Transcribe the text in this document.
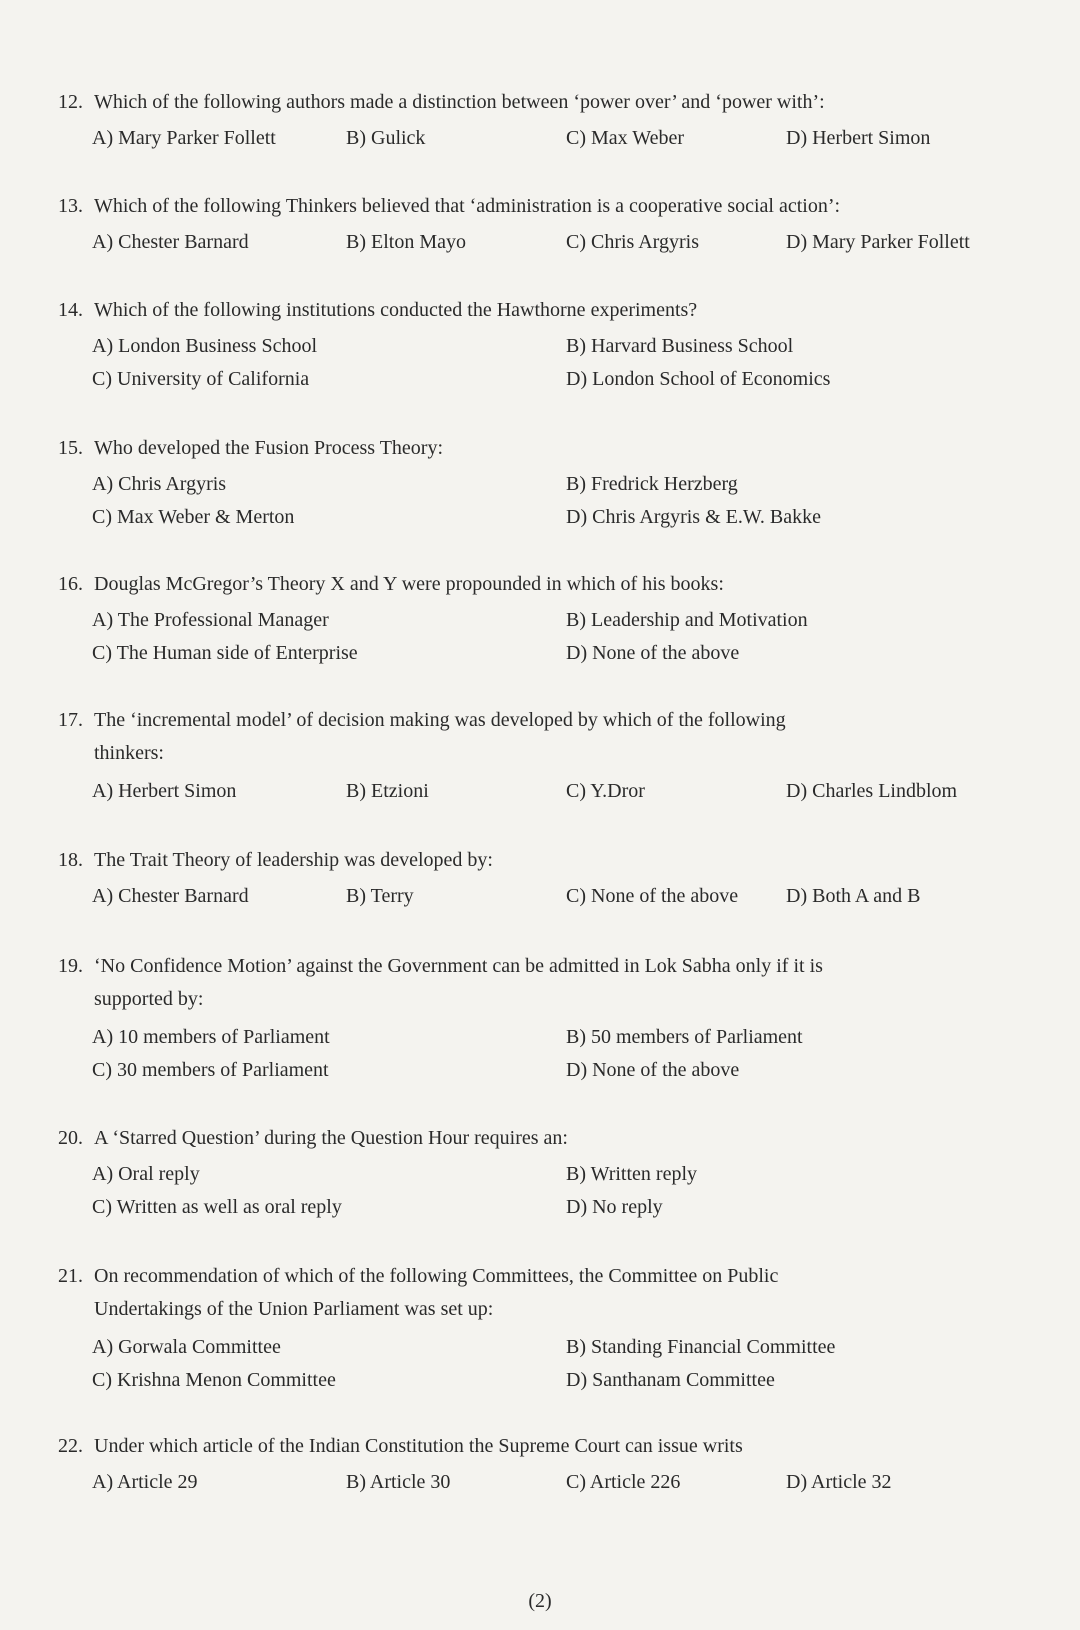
12. Which of the following authors made a distinction between ‘power over’ and ‘power with’:
A) Mary Parker Follett	B) Gulick	C) Max Weber	D) Herbert Simon
13. Which of the following Thinkers believed that ‘administration is a cooperative social action’:
A) Chester Barnard	B) Elton Mayo	C) Chris Argyris	D) Mary Parker Follett
14. Which of the following institutions conducted the Hawthorne experiments?
A) London Business School	B) Harvard Business School
C) University of California	D) London School of Economics
15. Who developed the Fusion Process Theory:
A) Chris Argyris	B) Fredrick Herzberg
C) Max Weber & Merton	D) Chris Argyris & E.W. Bakke
16. Douglas McGregor’s Theory X and Y were propounded in which of his books:
A) The Professional Manager	B) Leadership and Motivation
C) The Human side of Enterprise	D) None of the above
17. The ‘incremental model’ of decision making was developed by which of the following
thinkers:
A) Herbert Simon	B) Etzioni	C) Y.Dror	D) Charles Lindblom
18. The Trait Theory of leadership was developed by:
A) Chester Barnard	B) Terry	C) None of the above D) Both A and B
19. ‘No Confidence Motion’ against the Government can be admitted in Lok Sabha only if it is
supported by:
A) 10 members of Parliament	B) 50 members of Parliament
C) 30 members of Parliament	D) None of the above
20. A ‘Starred Question’ during the Question Hour requires an:
A) Oral reply	B) Written reply
C) Written as well as oral reply	D) No reply
21. On recommendation of which of the following Committees, the Committee on Public
Undertakings of the Union Parliament was set up:
A) Gorwala Committee	B) Standing Financial Committee
C) Krishna Menon Committee	D) Santhanam Committee
22. Under which article of the Indian Constitution the Supreme Court can issue writs
A) Article 29	B) Article 30	C) Article 226	D) Article 32
(2)
